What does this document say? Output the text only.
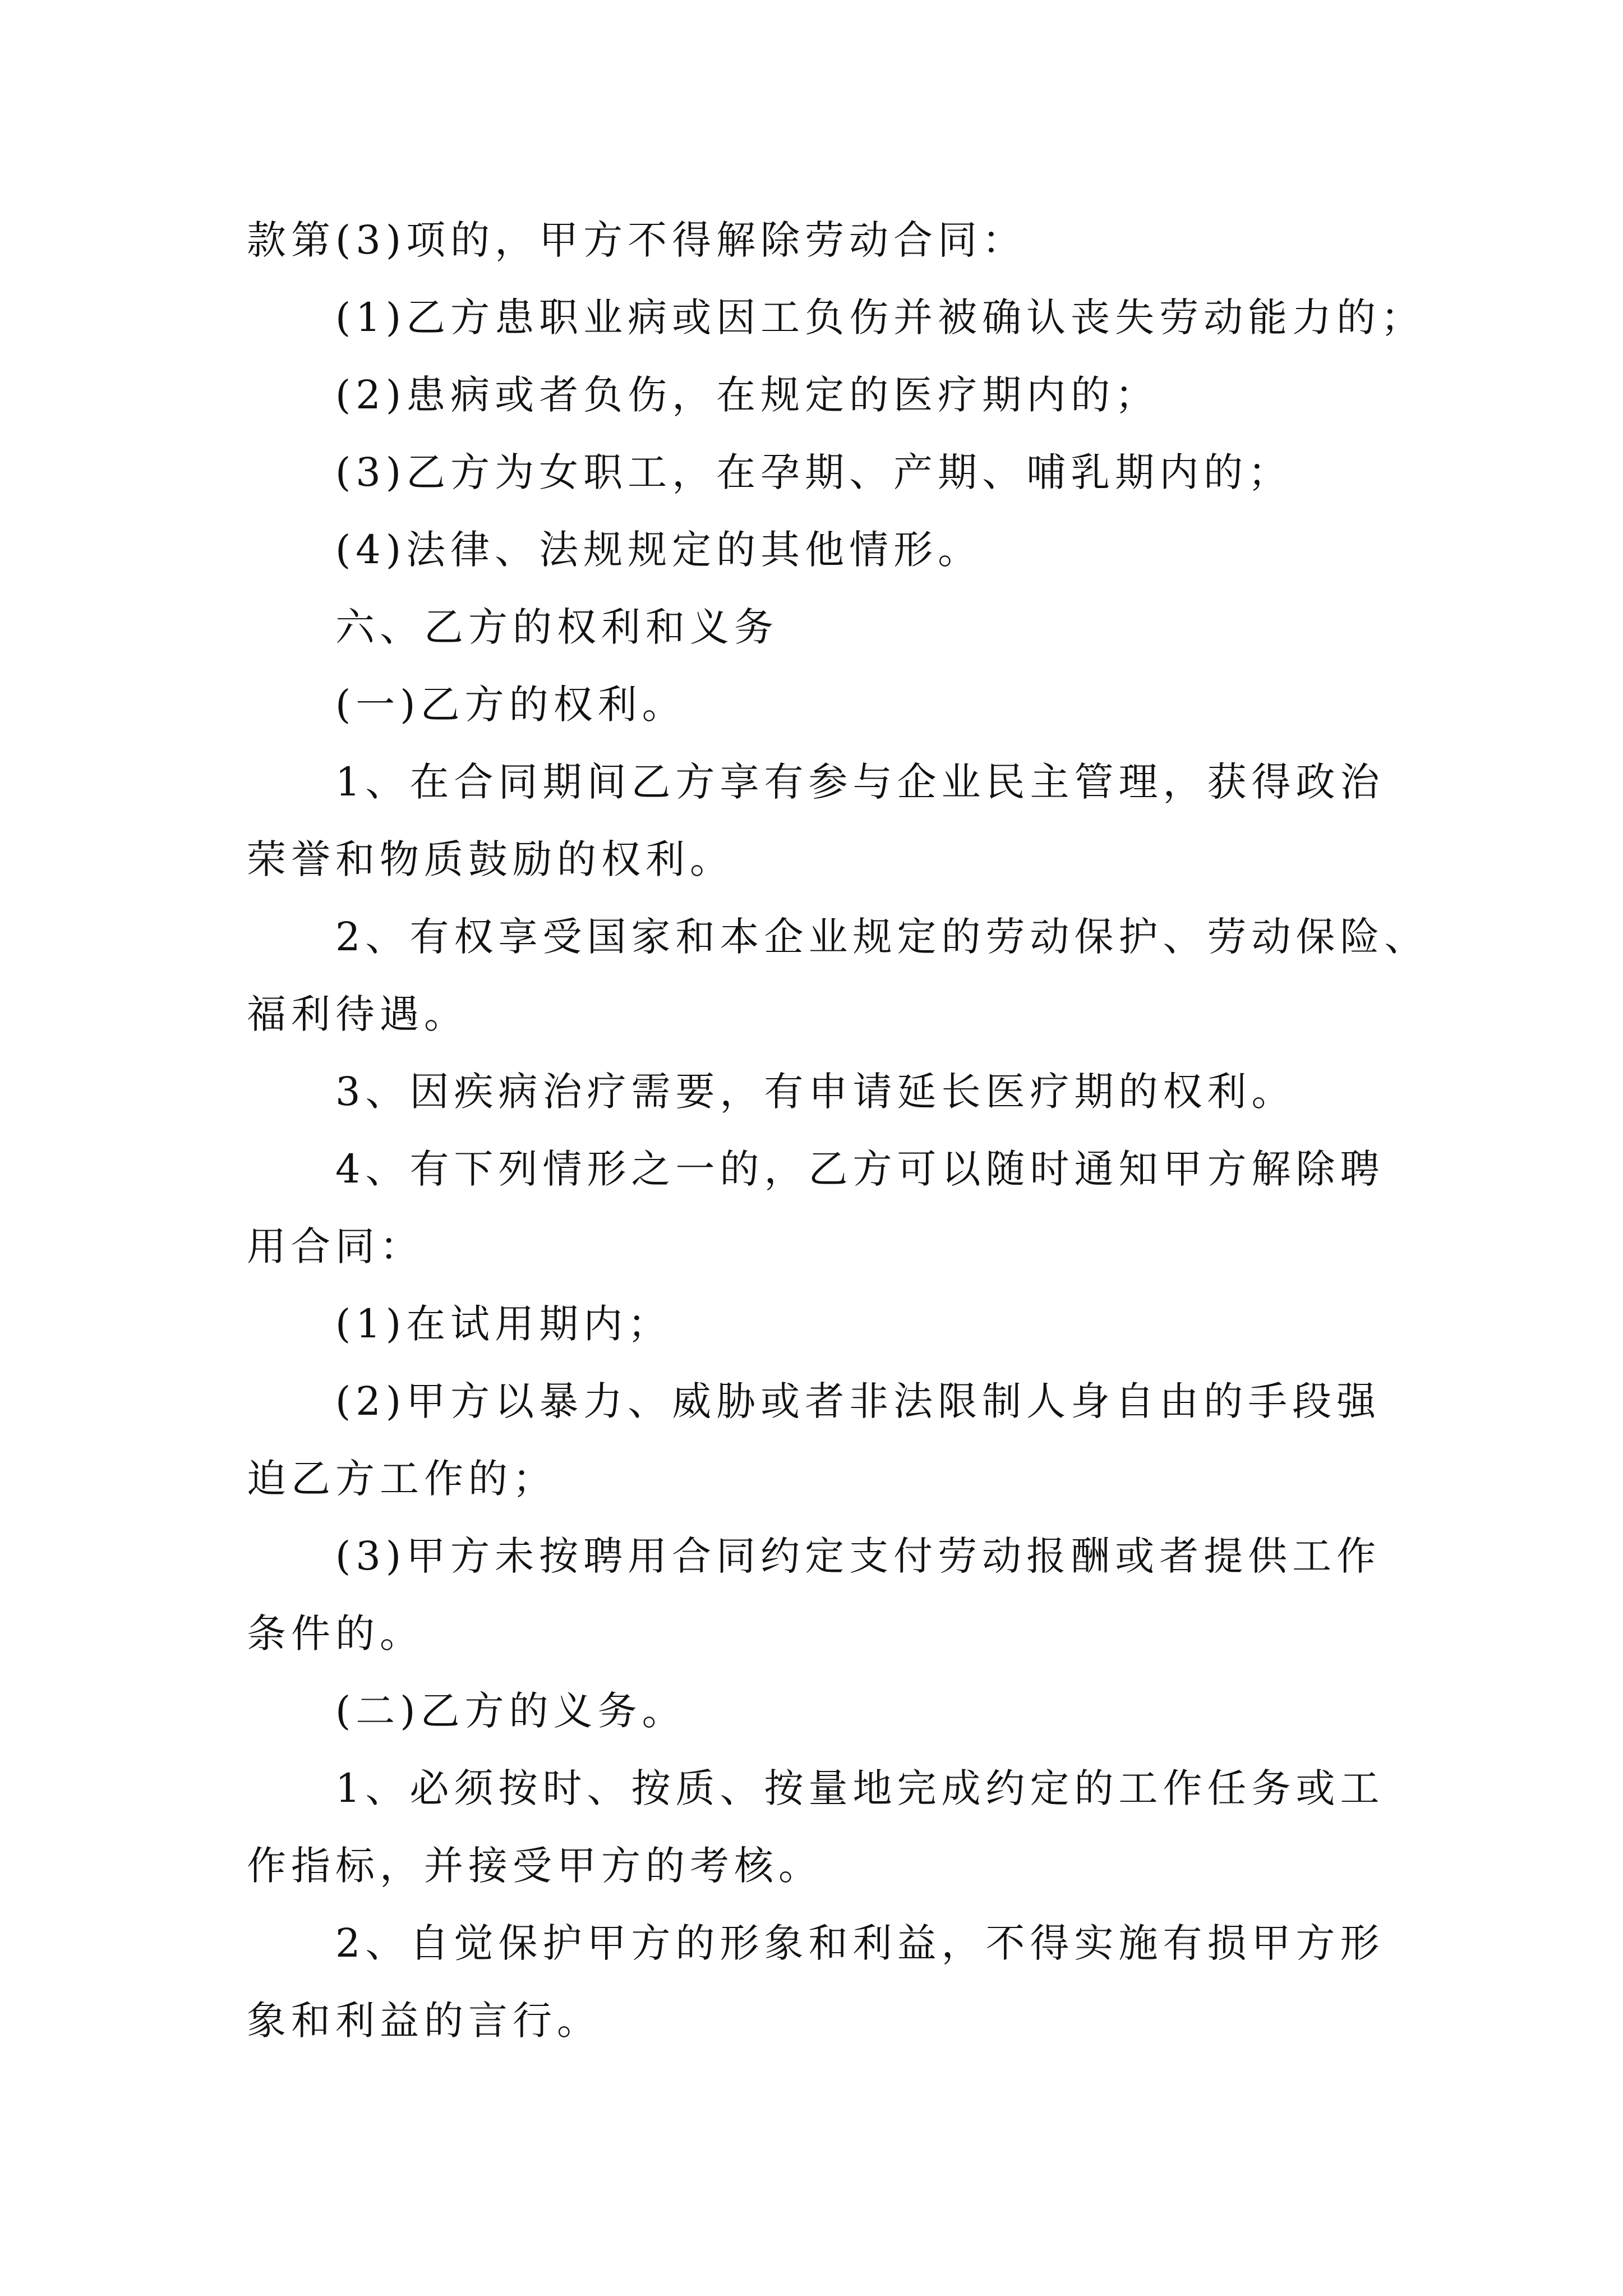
款第(3)项的，甲方不得解除劳动合同：
(1)乙方患职业病或因工负伤并被确认丧失劳动能力的；
(2)患病或者负伤，在规定的医疗期内的；
(3)乙方为女职工，在孕期、产期、哺乳期内的；
(4)法律、法规规定的其他情形。
六、乙方的权利和义务
(一)乙方的权利。
1、在合同期间乙方享有参与企业民主管理，获得政治
荣誉和物质鼓励的权利。
2、有权享受国家和本企业规定的劳动保护、劳动保险、
福利待遇。
3、因疾病治疗需要，有申请延长医疗期的权利。
4、有下列情形之一的，乙方可以随时通知甲方解除聘
用合同：
(1)在试用期内；
(2)甲方以暴力、威胁或者非法限制人身自由的手段强
迫乙方工作的；
(3)甲方未按聘用合同约定支付劳动报酬或者提供工作
条件的。
(二)乙方的义务。
1、必须按时、按质、按量地完成约定的工作任务或工
作指标，并接受甲方的考核。
2、自觉保护甲方的形象和利益，不得实施有损甲方形
象和利益的言行。
